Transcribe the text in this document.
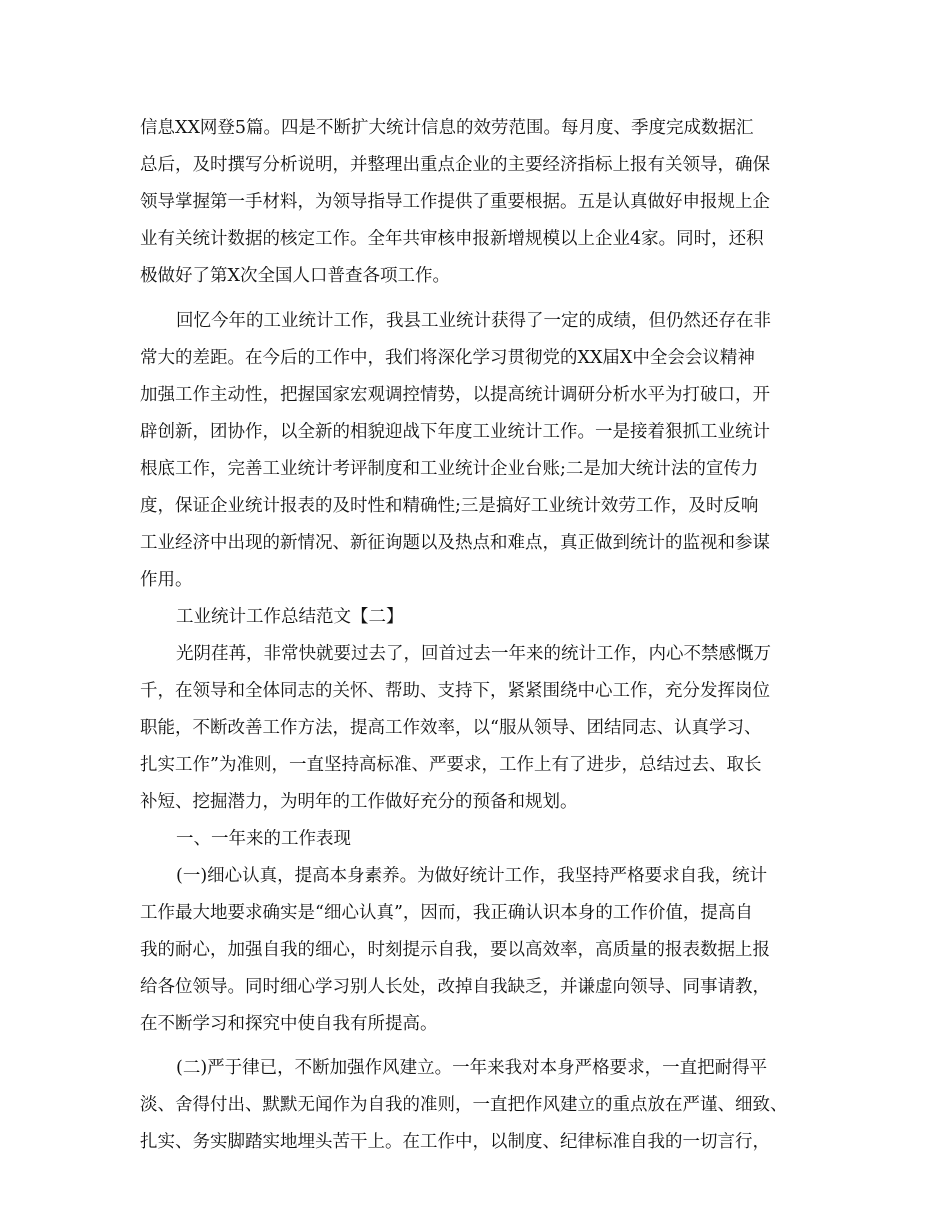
信息XX网登5篇。四是不断扩大统计信息的效劳范围。每月度、季度完成数据汇
总后，及时撰写分析说明，并整理出重点企业的主要经济指标上报有关领导，确保
领导掌握第一手材料，为领导指导工作提供了重要根据。五是认真做好申报规上企
业有关统计数据的核定工作。全年共审核申报新增规模以上企业4家。同时，还积
极做好了第X次全国人口普查各项工作。
回忆今年的工业统计工作，我县工业统计获得了一定的成绩，但仍然还存在非
常大的差距。在今后的工作中，我们将深化学习贯彻党的XX届X中全会会议精神
加强工作主动性，把握国家宏观调控情势，以提高统计调研分析水平为打破口，开
辟创新，团协作，以全新的相貌迎战下年度工业统计工作。一是接着狠抓工业统计
根底工作，完善工业统计考评制度和工业统计企业台账;二是加大统计法的宣传力
度，保证企业统计报表的及时性和精确性;三是搞好工业统计效劳工作，及时反响
工业经济中出现的新情况、新征询题以及热点和难点，真正做到统计的监视和参谋
作用。
工业统计工作总结范文【二】
光阴荏苒，非常快就要过去了，回首过去一年来的统计工作，内心不禁感慨万
千，在领导和全体同志的关怀、帮助、支持下，紧紧围绕中心工作，充分发挥岗位
职能，不断改善工作方法，提高工作效率，以“服从领导、团结同志、认真学习、
扎实工作”为准则，一直坚持高标准、严要求，工作上有了进步，总结过去、取长
补短、挖掘潜力，为明年的工作做好充分的预备和规划。
一、一年来的工作表现
(一)细心认真，提高本身素养。为做好统计工作，我坚持严格要求自我，统计
工作最大地要求确实是“细心认真”，因而，我正确认识本身的工作价值，提高自
我的耐心，加强自我的细心，时刻提示自我，要以高效率，高质量的报表数据上报
给各位领导。同时细心学习别人长处，改掉自我缺乏，并谦虚向领导、同事请教，
在不断学习和探究中使自我有所提高。
(二)严于律已，不断加强作风建立。一年来我对本身严格要求，一直把耐得平
淡、舍得付出、默默无闻作为自我的准则，一直把作风建立的重点放在严谨、细致、
扎实、务实脚踏实地埋头苦干上。在工作中，以制度、纪律标准自我的一切言行，
